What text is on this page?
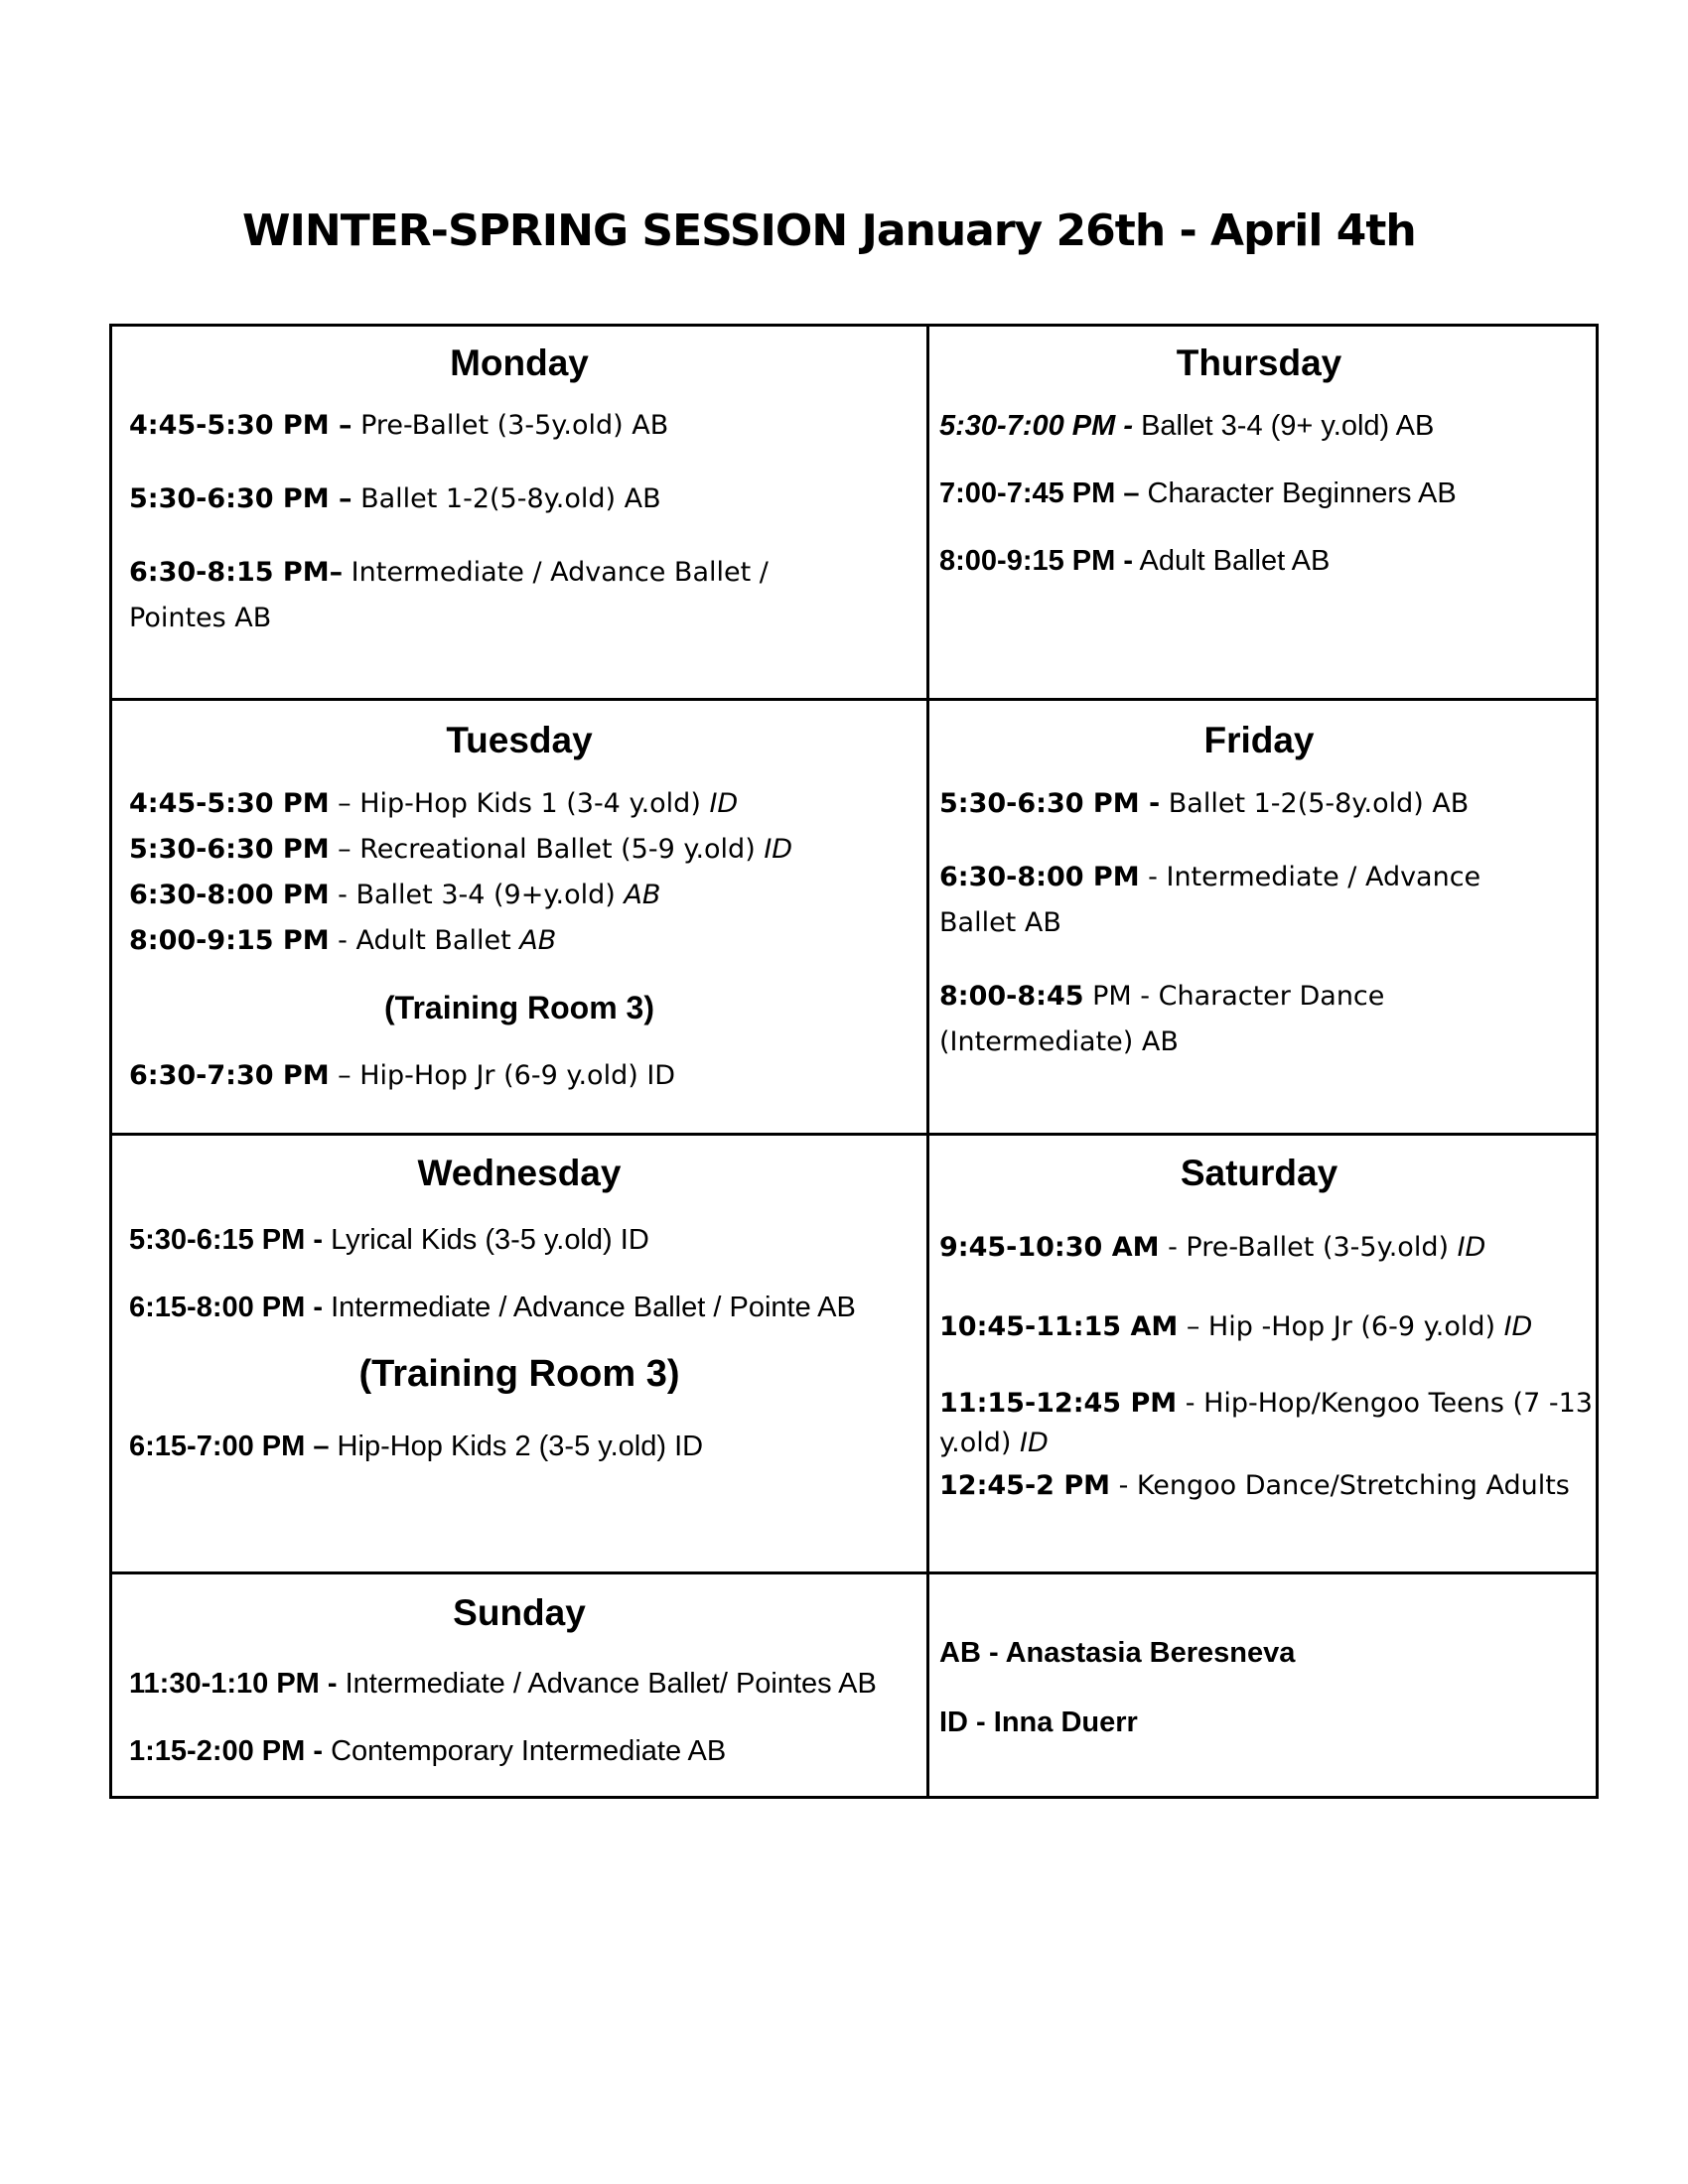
WINTER-SPRING SESSION January 26th - April 4th
Monday
4:45-5:30 PM – Pre-Ballet (3-5y.old) AB
5:30-6:30 PM – Ballet 1-2(5-8y.old) AB
6:30-8:15 PM– Intermediate / Advance Ballet /
Pointes AB
Thursday
5:30-7:00 PM - Ballet 3-4 (9+ y.old) AB
7:00-7:45 PM – Character Beginners AB
8:00-9:15 PM - Adult Ballet AB
Tuesday
4:45-5:30 PM – Hip-Hop Kids 1 (3-4 y.old) ID
5:30-6:30 PM – Recreational Ballet (5-9 y.old) ID
6:30-8:00 PM - Ballet 3-4 (9+y.old) AB
8:00-9:15 PM - Adult Ballet AB
(Training Room 3)
6:30-7:30 PM – Hip-Hop Jr (6-9 y.old) ID
Friday
5:30-6:30 PM - Ballet 1-2(5-8y.old) AB
6:30-8:00 PM - Intermediate / Advance
Ballet AB
8:00-8:45 PM - Character Dance
(Intermediate) AB
Wednesday
5:30-6:15 PM - Lyrical Kids (3-5 y.old) ID
6:15-8:00 PM - Intermediate / Advance Ballet / Pointe AB
(Training Room 3)
6:15-7:00 PM – Hip-Hop Kids 2 (3-5 y.old) ID
Saturday
9:45-10:30 AM - Pre-Ballet (3-5y.old) ID
10:45-11:15 AM – Hip -Hop Jr (6-9 y.old) ID
11:15-12:45 PM - Hip-Hop/Kengoo Teens (7 -13
y.old) ID
12:45-2 PM - Kengoo Dance/Stretching Adults
Sunday
11:30-1:10 PM - Intermediate / Advance Ballet/ Pointes AB
1:15-2:00 PM - Contemporary Intermediate AB
AB - Anastasia Beresneva
ID - Inna Duerr
